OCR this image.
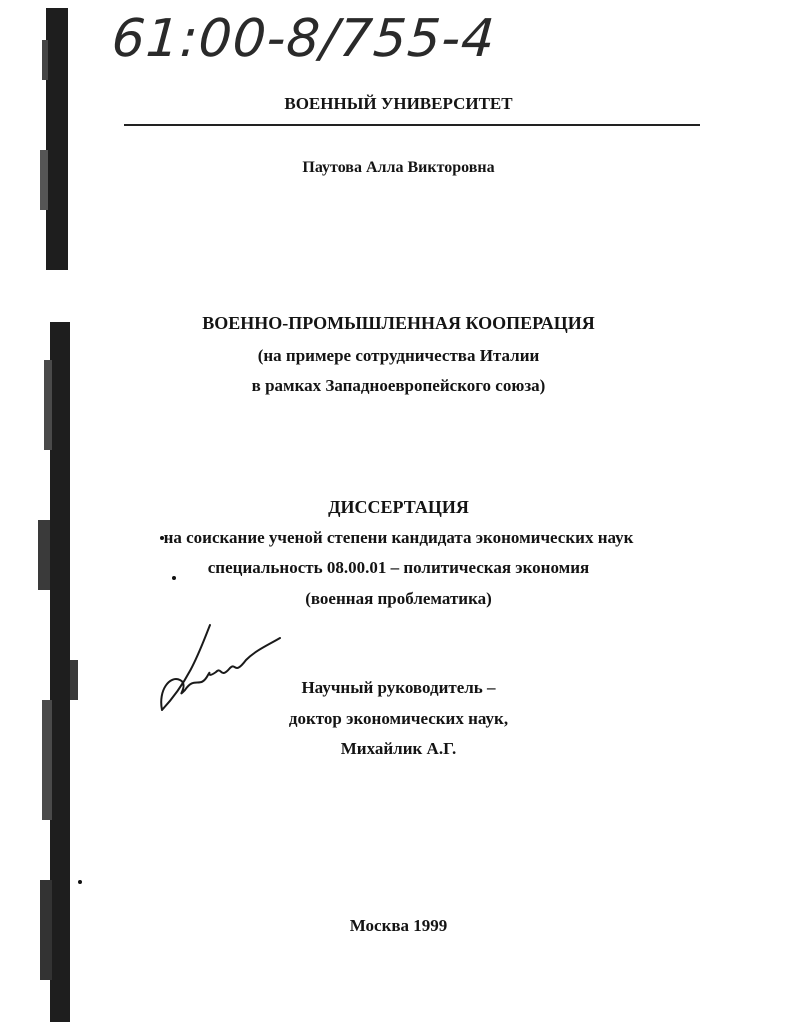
61:00-8/755-4
ВОЕННЫЙ УНИВЕРСИТЕТ
Паутова Алла Викторовна
ВОЕННО-ПРОМЫШЛЕННАЯ КООПЕРАЦИЯ
(на примере сотрудничества Италии
в рамках Западноевропейского союза)
ДИССЕРТАЦИЯ
на соискание ученой степени кандидата экономических наук
специальность 08.00.01 – политическая экономия
(военная проблематика)
Научный руководитель –
доктор экономических наук,
Михайлик А.Г.
Москва 1999
